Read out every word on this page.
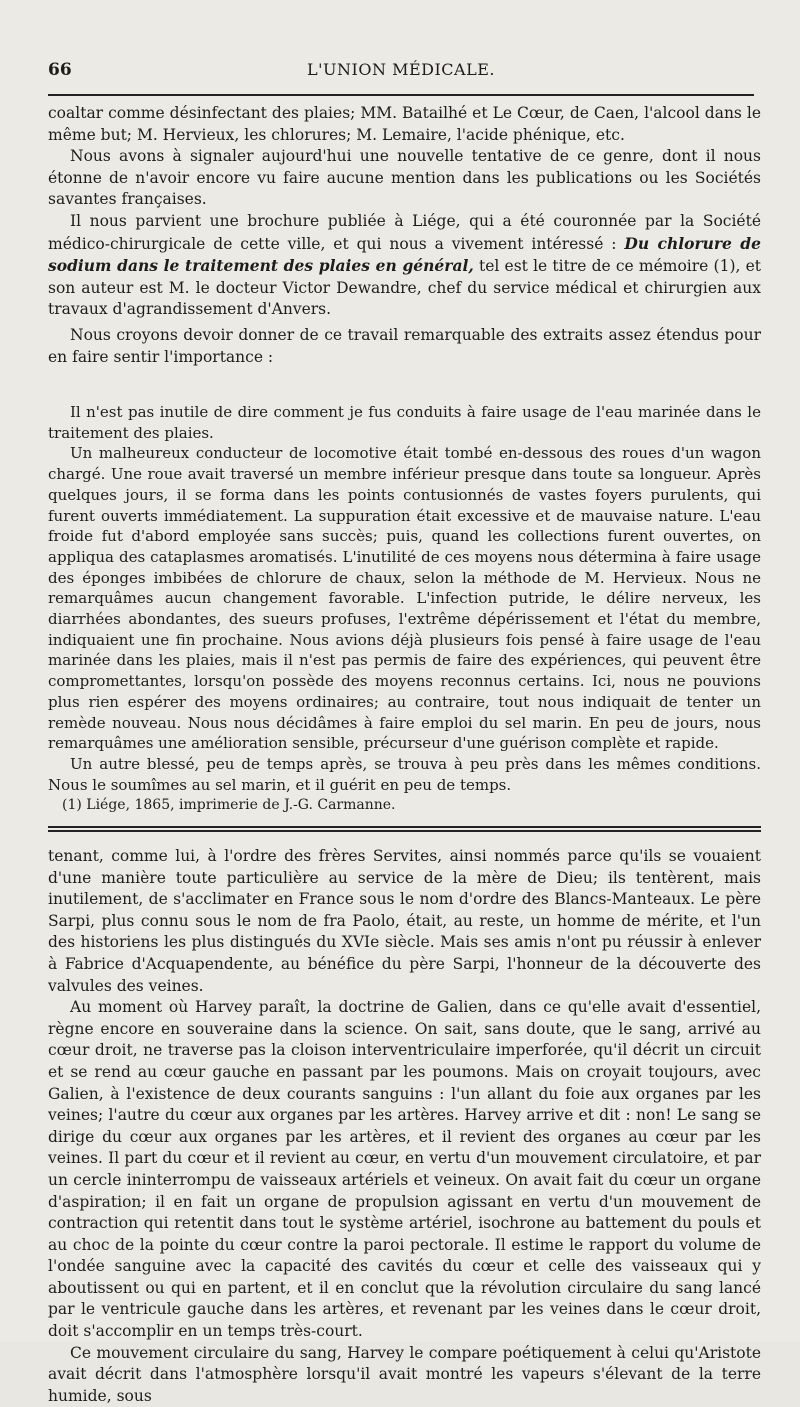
66	L'UNION MÉDICALE.

coaltar comme désinfectant des plaies; MM. Batailhé et Le Cœur, de Caen, l'alcool dans le même but; M. Hervieux, les chlorures; M. Lemaire, l'acide phénique, etc.

Nous avons à signaler aujourd'hui une nouvelle tentative de ce genre, dont il nous étonne de n'avoir encore vu faire aucune mention dans les publications ou les Sociétés savantes françaises.

Il nous parvient une brochure publiée à Liége, qui a été couronnée par la Société médico-chirurgicale de cette ville, et qui nous a vivement intéressé : Du chlorure de sodium dans le traitement des plaies en général, tel est le titre de ce mémoire (1), et son auteur est M. le docteur Victor Dewandre, chef du service médical et chirurgien aux travaux d'agrandissement d'Anvers.

Nous croyons devoir donner de ce travail remarquable des extraits assez étendus pour en faire sentir l'importance :

Il n'est pas inutile de dire comment je fus conduits à faire usage de l'eau marinée dans le traitement des plaies.

Un malheureux conducteur de locomotive était tombé en-dessous des roues d'un wagon chargé. Une roue avait traversé un membre inférieur presque dans toute sa longueur. Après quelques jours, il se forma dans les points contusionnés de vastes foyers purulents, qui furent ouverts immédiatement. La suppuration était excessive et de mauvaise nature. L'eau froide fut d'abord employée sans succès; puis, quand les collections furent ouvertes, on appliqua des cataplasmes aromatisés. L'inutilité de ces moyens nous détermina à faire usage des éponges imbibées de chlorure de chaux, selon la méthode de M. Hervieux. Nous ne remarquâmes aucun changement favorable. L'infection putride, le délire nerveux, les diarrhées abondantes, des sueurs profuses, l'extrême dépérissement et l'état du membre, indiquaient une fin prochaine. Nous avions déjà plusieurs fois pensé à faire usage de l'eau marinée dans les plaies, mais il n'est pas permis de faire des expériences, qui peuvent être compromettantes, lorsqu'on possède des moyens reconnus certains. Ici, nous ne pouvions plus rien espérer des moyens ordinaires; au contraire, tout nous indiquait de tenter un remède nouveau. Nous nous décidâmes à faire emploi du sel marin. En peu de jours, nous remarquâmes une amélioration sensible, précurseur d'une guérison complète et rapide.

Un autre blessé, peu de temps après, se trouva à peu près dans les mêmes conditions. Nous le soumîmes au sel marin, et il guérit en peu de temps.

(1) Liége, 1865, imprimerie de J.-G. Carmanne.

tenant, comme lui, à l'ordre des frères Servites, ainsi nommés parce qu'ils se vouaient d'une manière toute particulière au service de la mère de Dieu; ils tentèrent, mais inutilement, de s'acclimater en France sous le nom d'ordre des Blancs-Manteaux. Le père Sarpi, plus connu sous le nom de fra Paolo, était, au reste, un homme de mérite, et l'un des historiens les plus distingués du XVIe siècle. Mais ses amis n'ont pu réussir à enlever à Fabrice d'Acquapendente, au bénéfice du père Sarpi, l'honneur de la découverte des valvules des veines.

Au moment où Harvey paraît, la doctrine de Galien, dans ce qu'elle avait d'essentiel, règne encore en souveraine dans la science. On sait, sans doute, que le sang, arrivé au cœur droit, ne traverse pas la cloison interventriculaire imperforée, qu'il décrit un circuit et se rend au cœur gauche en passant par les poumons. Mais on croyait toujours, avec Galien, à l'existence de deux courants sanguins : l'un allant du foie aux organes par les veines; l'autre du cœur aux organes par les artères. Harvey arrive et dit : non! Le sang se dirige du cœur aux organes par les artères, et il revient des organes au cœur par les veines. Il part du cœur et il revient au cœur, en vertu d'un mouvement circulatoire, et par un cercle ininterrompu de vaisseaux artériels et veineux. On avait fait du cœur un organe d'aspiration; il en fait un organe de propulsion agissant en vertu d'un mouvement de contraction qui retentit dans tout le système artériel, isochrone au battement du pouls et au choc de la pointe du cœur contre la paroi pectorale. Il estime le rapport du volume de l'ondée sanguine avec la capacité des cavités du cœur et celle des vaisseaux qui y aboutissent ou qui en partent, et il en conclut que la révolution circulaire du sang lancé par le ventricule gauche dans les artères, et revenant par les veines dans le cœur droit, doit s'accomplir en un temps très-court.

Ce mouvement circulaire du sang, Harvey le compare poétiquement à celui qu'Aristote avait décrit dans l'atmosphère lorsqu'il avait montré les vapeurs s'élevant de la terre humide, sous
